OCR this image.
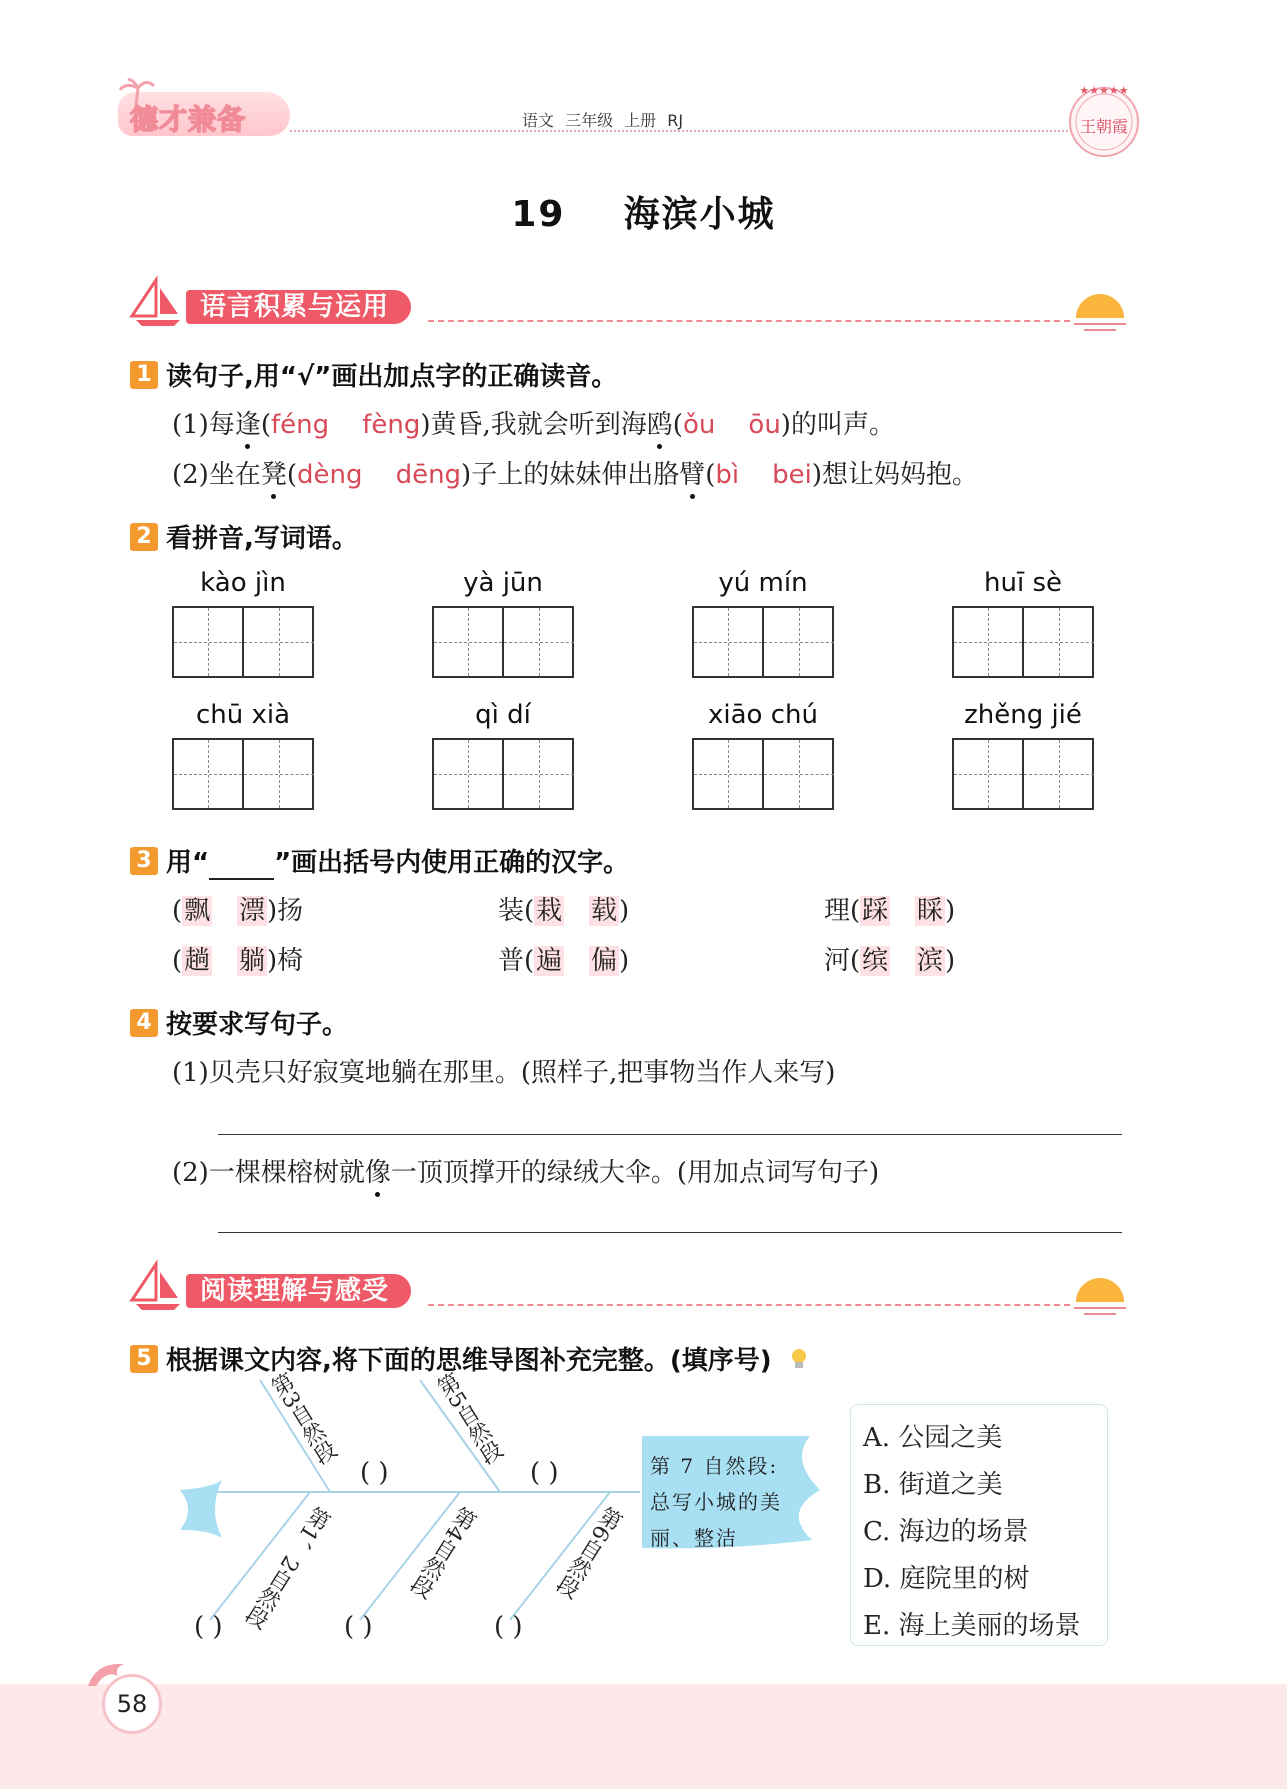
德才兼备	语文 三年级 上册 RJ
★★★★★
王朝霞
19 海滨小城
语言积累与运用
1 读句子,用“√”画出加点字的正确读音。
(1)每逢(féng fèng)黄昏,我就会听到海鸥(ǒu ōu)的叫声。
(2)坐在凳(dèng dēng)子上的妹妹伸出胳臂(bì bei)想让妈妈抱。
2 看拼音,写词语。
kào jìn	yà jūn	yú mín	huī sè
chū xià	qì dí	xiāo chú	zhěng jié
3 用“_____”画出括号内使用正确的汉字。
(飘 漂)扬	装(栽 载)	理(踩 睬)
(趟 躺)椅	普(遍 偏)	河(缤 滨)
4 按要求写句子。
(1)贝壳只好寂寞地躺在那里。(照样子,把事物当作人来写)
(2)一棵棵榕树就像一顶顶撑开的绿绒大伞。(用加点词写句子)
阅读理解与感受
5 根据课文内容,将下面的思维导图补充完整。(填序号)
第 7 自然段:
总写小城的美
丽、整洁
第3自然段	第5自然段
第1、2自然段	第4自然段	第6自然段
( )	( )
( )	( )	( )
A. 公园之美
B. 街道之美
C. 海边的场景
D. 庭院里的树
E. 海上美丽的场景
58
